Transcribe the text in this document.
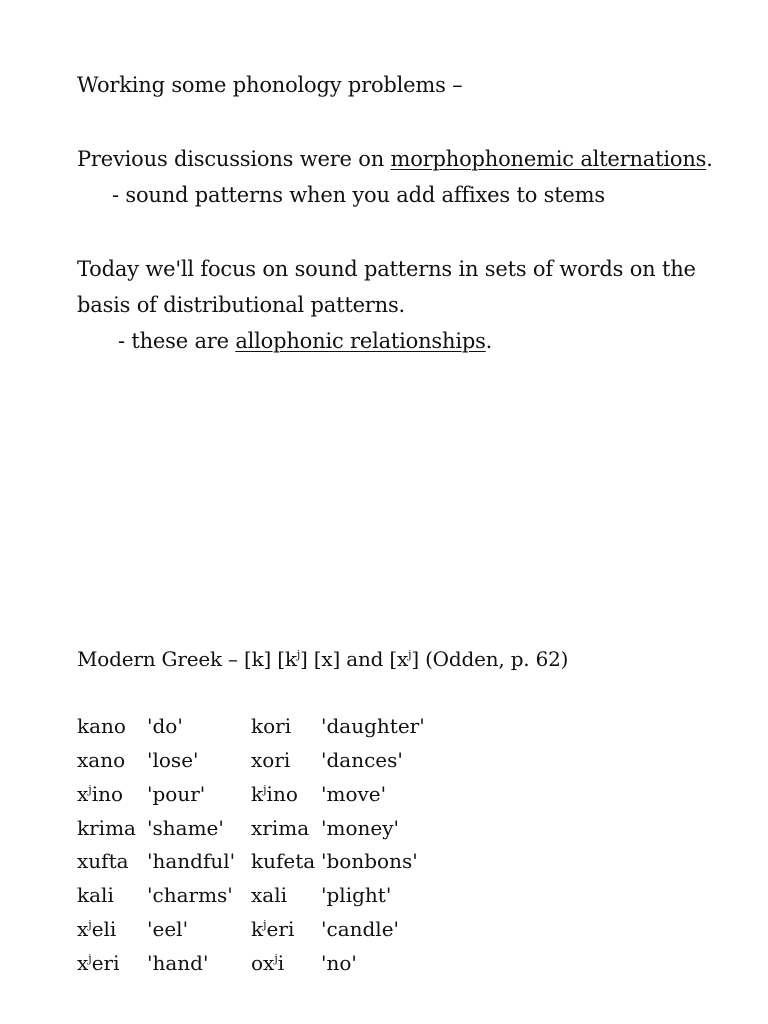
Working some phonology problems –
Previous discussions were on morphophonemic alternations.
- sound patterns when you add affixes to stems
Today we'll focus on sound patterns in sets of words on the
basis of distributional patterns.
- these are allophonic relationships.
Modern Greek – [k] $[k^j]$ [x] and $[x^j]$ (Odden, p. 62)
kano 'do'	kori 'daughter'
xano 'lose'	xori 'dances'
$x^jino$ 'pour' $k^jino$ 'move'
krima 'shame' xrima 'money'
xufta 'handful' kufeta 'bonbons'
kali 'charms' xali 'plight'
$x^jeli$ 'eel'	$k^jeri$ 'candle'
$x^jeri$ 'hand' $ox^ji$ 'no'
